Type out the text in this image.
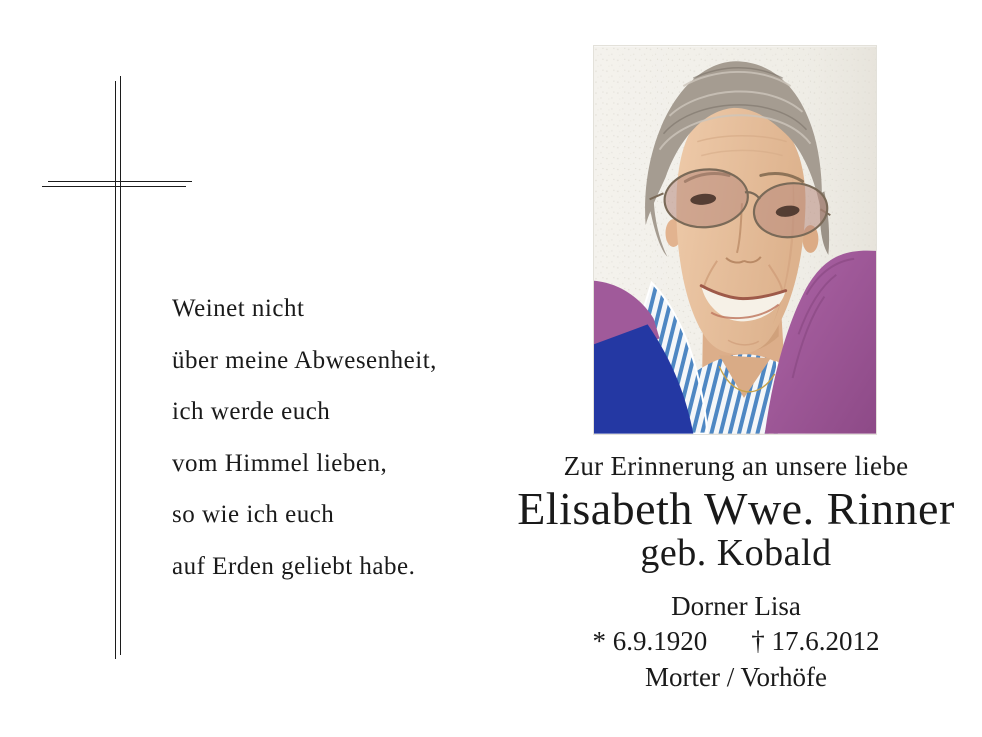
Weinet nicht
über meine Abwesenheit,
ich werde euch
vom Himmel lieben,
so wie ich euch
auf Erden geliebt habe.
Zur Erinnerung an unsere liebe
Elisabeth Wwe. Rinner
geb. Kobald
Dorner Lisa
* 6.9.1920 † 17.6.2012
Morter / Vorhöfe
